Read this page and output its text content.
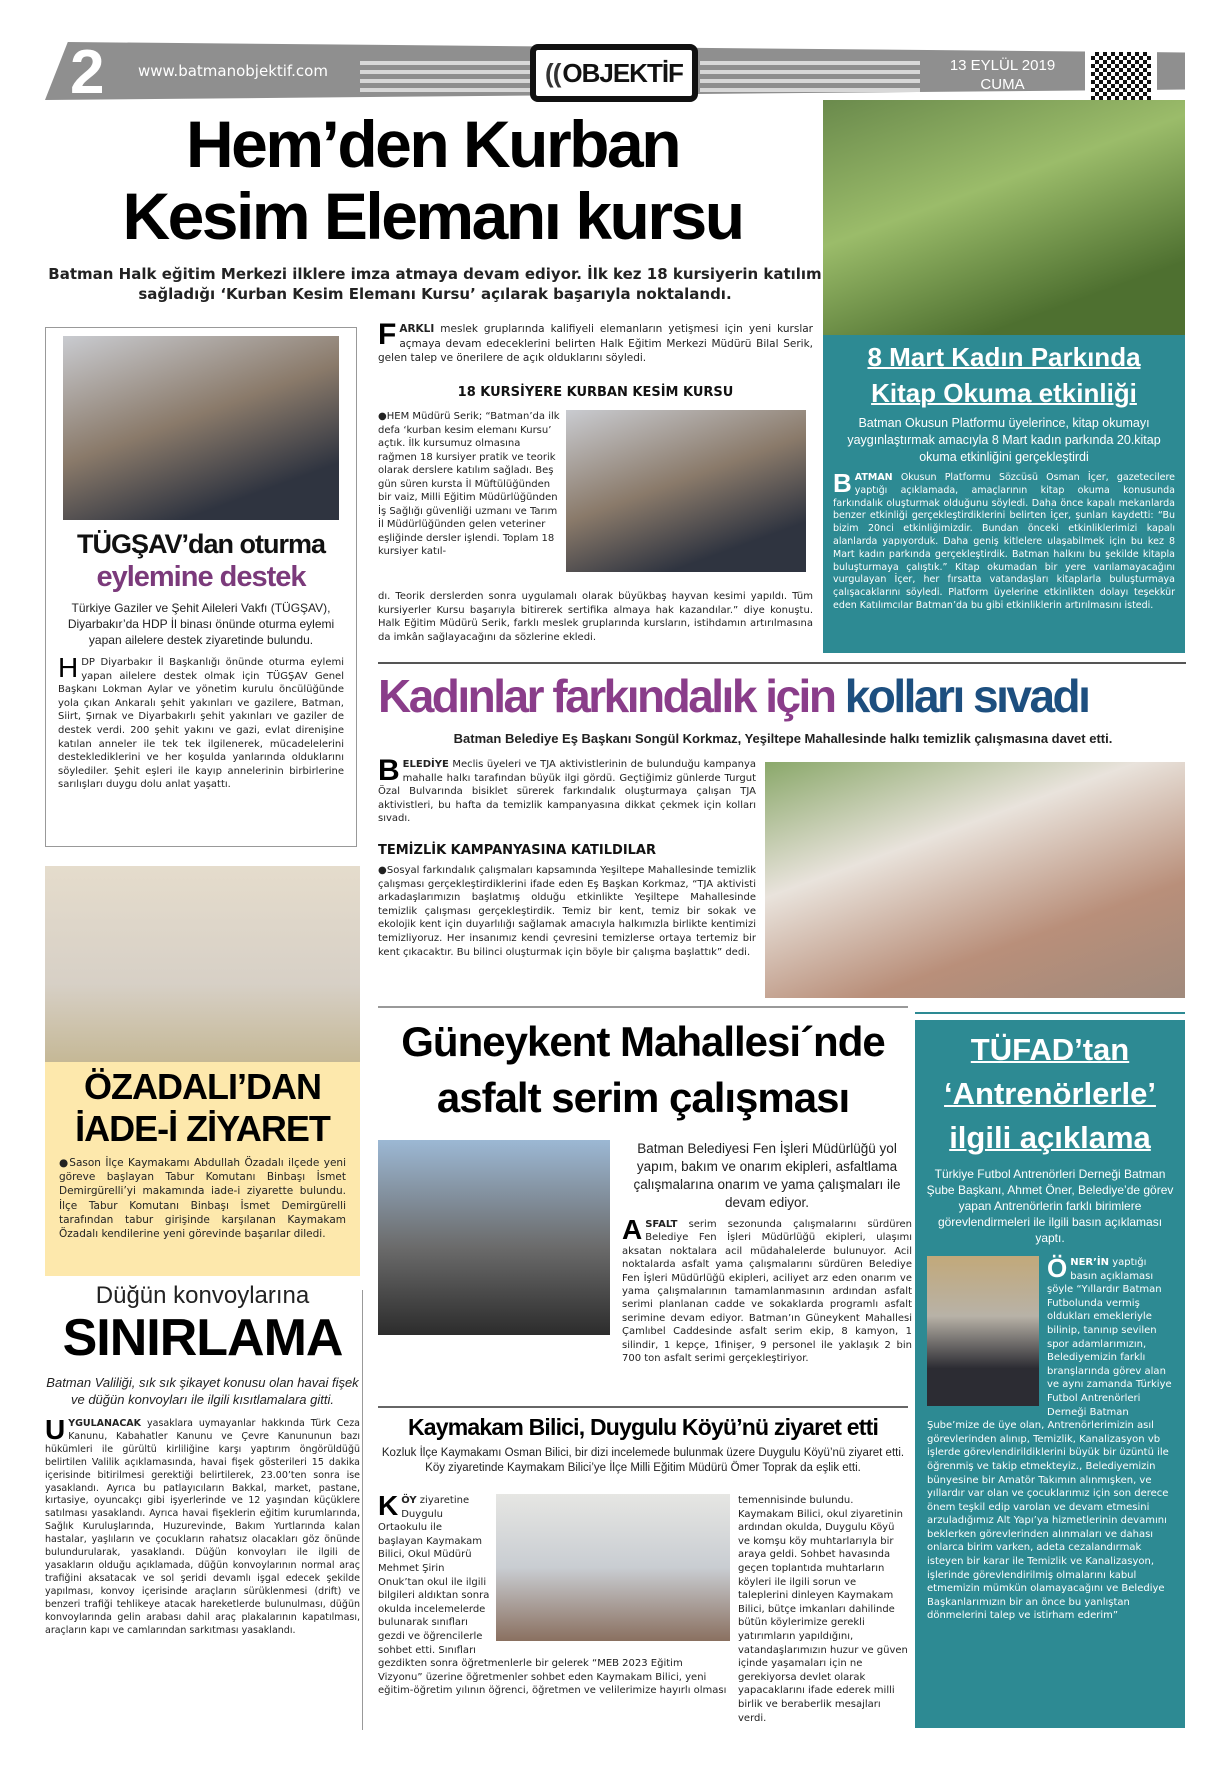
2 www.batmanobjektif.com	(( OBJEKTİF	13 EYLÜL 2019
CUMA
Hem’den Kurban
Kesim Elemanı kursu
Batman Halk eğitim Merkezi ilklere imza atmaya devam ediyor. İlk kez 18 kursiyerin katılım sağladığı ‘Kurban Kesim Elemanı Kursu’ açılarak başarıyla noktalandı.
FARKLI meslek gruplarında kalifiyeli elemanların yetişmesi için yeni kurslar açmaya devam edeceklerini belirten Halk Eğitim Merkezi Müdürü Bilal Serik, gelen talep ve önerilere de açık olduklarını söyledi.
18 KURSİYERE KURBAN KESİM KURSU
● HEM Müdürü Serik; “Batman’da ilk defa ‘kurban kesim elemanı Kursu’ açtık. İlk kursumuz olmasına rağmen 18 kursiyer pratik ve teorik olarak derslere katılım sağladı. Beş gün süren kursta İl Müftülüğünden bir vaiz, Milli Eğitim Müdürlüğünden İş Sağlığı güvenliği uzmanı ve Tarım İl Müdürlüğünden gelen veteriner eşliğinde dersler işlendi. Toplam 18 kursiyer katıl-
dı. Teorik derslerden sonra uygulamalı olarak büyükbaş hayvan kesimi yapıldı. Tüm kursiyerler Kursu başarıyla bitirerek sertifika almaya hak kazandılar.” diye konuştu. Halk Eğitim Müdürü Serik, farklı meslek gruplarında kursların, istihdamın artırılmasına da imkân sağlayacağını da sözlerine ekledi.
8 Mart Kadın Parkında
Kitap Okuma etkinliği
Batman Okusun Platformu üyelerince, kitap okumayı yaygınlaştırmak amacıyla 8 Mart kadın parkında 20.kitap okuma etkinliğini gerçekleştirdi
BATMAN Okusun Platformu Sözcüsü Osman İçer, gazetecilere yaptığı açıklamada, amaçlarının kitap okuma konusunda farkındalık oluşturmak olduğunu söyledi. Daha önce kapalı mekanlarda benzer etkinliği gerçekleştirdiklerini belirten İçer, şunları kaydetti: “Bu bizim 20nci etkinliğimizdir. Bundan önceki etkinliklerimizi kapalı alanlarda yapıyorduk. Daha geniş kitlelere ulaşabilmek için bu kez 8 Mart kadın parkında gerçekleştirdik. Batman halkını bu şekilde kitapla buluşturmaya çalıştık.” Kitap okumadan bir yere varılamayacağını vurgulayan İçer, her fırsatta vatandaşları kitaplarla buluşturmaya çalışacaklarını söyledi. Platform üyelerine etkinlikten dolayı teşekkür eden Katılımcılar Batman’da bu gibi etkinliklerin artırılmasını istedi.
TÜGŞAV’dan oturma
eylemine destek
Türkiye Gaziler ve Şehit Aileleri Vakfı (TÜGŞAV), Diyarbakır’da HDP İl binası önünde oturma eylemi yapan ailelere destek ziyaretinde bulundu.
HDP Diyarbakır İl Başkanlığı önünde oturma eylemi yapan ailelere destek olmak için TÜGŞAV Genel Başkanı Lokman Aylar ve yönetim kurulu öncülüğünde yola çıkan Ankaralı şehit yakınları ve gazilere, Batman, Siirt, Şırnak ve Diyarbakırlı şehit yakınları ve gaziler de destek verdi. 200 şehit yakını ve gazi, evlat direnişine katılan anneler ile tek tek ilgilenerek, mücadelelerini desteklediklerini ve her koşulda yanlarında olduklarını söylediler. Şehit eşleri ile kayıp annelerinin birbirlerine sarılışları duygu dolu anlat yaşattı.
Kadınlar farkındalık için kolları sıvadı
Batman Belediye Eş Başkanı Songül Korkmaz, Yeşiltepe Mahallesinde halkı temizlik çalışmasına davet etti.
BELEDİYE Meclis üyeleri ve TJA aktivistlerinin de bulunduğu kampanya mahalle halkı tarafından büyük ilgi gördü. Geçtiğimiz günlerde Turgut Özal Bulvarında bisiklet sürerek farkındalık oluşturmaya çalışan TJA aktivistleri, bu hafta da temizlik kampanyasına dikkat çekmek için kolları sıvadı.
TEMİZLİK KAMPANYASINA KATILDILAR
● Sosyal farkındalık çalışmaları kapsamında Yeşiltepe Mahallesinde temizlik çalışması gerçekleştirdiklerini ifade eden Eş Başkan Korkmaz, “TJA aktivisti arkadaşlarımızın başlatmış olduğu etkinlikte Yeşiltepe Mahallesinde temizlik çalışması gerçekleştirdik. Temiz bir kent, temiz bir sokak ve ekolojik kent için duyarlılığı sağlamak amacıyla halkımızla birlikte kentimizi temizliyoruz. Her insanımız kendi çevresini temizlerse ortaya tertemiz bir kent çıkacaktır. Bu bilinci oluşturmak için böyle bir çalışma başlattık” dedi.
ÖZADALI’DAN
İADE-İ ZİYARET
● Sason İlçe Kaymakamı Abdullah Özadalı ilçede yeni göreve başlayan Tabur Komutanı Binbaşı İsmet Demirgürelli’yi makamında iade-i ziyarette bulundu. İlçe Tabur Komutanı Binbaşı İsmet Demirgürelli tarafından tabur girişinde karşılanan Kaymakam Özadalı kendilerine yeni görevinde başarılar diledi.
Düğün konvoylarına
SINIRLAMA
Batman Valiliği, sık sık şikayet konusu olan havai fişek ve düğün konvoyları ile ilgili kısıtlamalara gitti.
UYGULANACAK yasaklara uymayanlar hakkında Türk Ceza Kanunu, Kabahatler Kanunu ve Çevre Kanununun bazı hükümleri ile gürültü kirliliğine karşı yaptırım öngörüldüğü belirtilen Valilik açıklamasında, havai fişek gösterileri 15 dakika içerisinde bitirilmesi gerektiği belirtilerek, 23.00’ten sonra ise yasaklandı. Ayrıca bu patlayıcıların Bakkal, market, pastane, kırtasiye, oyuncakçı gibi işyerlerinde ve 12 yaşından küçüklere satılması yasaklandı. Ayrıca havai fişeklerin eğitim kurumlarında, Sağlık Kuruluşlarında, Huzurevinde, Bakım Yurtlarında kalan hastalar, yaşlıların ve çocukların rahatsız olacakları göz önünde bulundurularak, yasaklandı. Düğün konvoyları ile ilgili de yasakların olduğu açıklamada, düğün konvoylarının normal araç trafiğini aksatacak ve sol şeridi devamlı işgal edecek şekilde yapılması, konvoy içerisinde araçların sürüklenmesi (drift) ve benzeri trafiği tehlikeye atacak hareketlerde bulunulması, düğün konvoylarında gelin arabası dahil araç plakalarının kapatılması, araçların kapı ve camlarından sarkıtması yasaklandı.
Güneykent Mahallesi´nde
asfalt serim çalışması
Batman Belediyesi Fen İşleri Müdürlüğü yol yapım, bakım ve onarım ekipleri, asfaltlama çalışmalarına onarım ve yama çalışmaları ile devam ediyor.
ASFALT serim sezonunda çalışmalarını sürdüren Belediye Fen İşleri Müdürlüğü ekipleri, ulaşımı aksatan noktalara acil müdahalelerde bulunuyor. Acil noktalarda asfalt yama çalışmalarını sürdüren Belediye Fen İşleri Müdürlüğü ekipleri, aciliyet arz eden onarım ve yama çalışmalarının tamamlanmasının ardından asfalt serimi planlanan cadde ve sokaklarda programlı asfalt serimine devam ediyor. Batman’ın Güneykent Mahallesi Çamlıbel Caddesinde asfalt serim ekip, 8 kamyon, 1 silindir, 1 kepçe, 1finişer, 9 personel ile yaklaşık 2 bin 700 ton asfalt serimi gerçekleştiriyor.
TÜFAD’tan
‘Antrenörlerle’
ilgili açıklama
Türkiye Futbol Antrenörleri Derneği Batman Şube Başkanı, Ahmet Öner, Belediye’de görev yapan Antrenörlerin farklı birimlere görevlendirmeleri ile ilgili basın açıklaması yaptı.
ÖNER’İN yaptığı basın açıklaması şöyle “Yıllardır Batman Futbolunda vermiş oldukları emekleriyle bilinip, tanınıp sevilen spor adamlarımızın, Belediyemizin farklı branşlarında görev alan ve aynı zamanda Türkiye Futbol Antrenörleri Derneği Batman Şube’mize de üye olan, Antrenörlerimizin asıl görevlerinden alınıp, Temizlik, Kanalizasyon vb işlerde görevlendirildiklerini büyük bir üzüntü ile öğrenmiş ve takip etmekteyiz., Belediyemizin bünyesine bir Amatör Takımın alınmışken, ve yıllardır var olan ve çocuklarımız için son derece önem teşkil edip varolan ve devam etmesini arzuladığımız Alt Yapı’ya hizmetlerinin devamını beklerken görevlerinden alınmaları ve dahası onlarca birim varken, adeta cezalandırmak isteyen bir karar ile Temizlik ve Kanalizasyon, işlerinde görevlendirilmiş olmalarını kabul etmemizin mümkün olamayacağını ve Belediye Başkanlarımızın bir an önce bu yanlıştan dönmelerini talep ve istirham ederim”
Kaymakam Bilici, Duygulu Köyü’nü ziyaret etti
Kozluk İlçe Kaymakamı Osman Bilici, bir dizi incelemede bulunmak üzere Duygulu Köyü’nü ziyaret etti. Köy ziyaretinde Kaymakam Bilici’ye İlçe Milli Eğitim Müdürü Ömer Toprak da eşlik etti.
KÖY ziyaretine Duygulu Ortaokulu ile başlayan Kaymakam Bilici, Okul Müdürü Mehmet Şirin Onuk’tan okul ile ilgili bilgileri aldıktan sonra okulda incelemelerde bulunarak sınıfları gezdi ve öğrencilerle sohbet etti. Sınıfları gezdikten sonra öğretmenlerle bir gelerek “MEB 2023 Eğitim Vizyonu” üzerine öğretmenler sohbet eden Kaymakam Bilici, yeni eğitim-öğretim yılının öğrenci, öğretmen ve velilerimize hayırlı olması
temennisinde bulundu. Kaymakam Bilici, okul ziyaretinin ardından okulda, Duygulu Köyü ve komşu köy muhtarlarıyla bir araya geldi. Sohbet havasında geçen toplantıda muhtarların köyleri ile ilgili sorun ve taleplerini dinleyen Kaymakam Bilici, bütçe imkanları dahilinde bütün köylerimize gerekli yatırımların yapıldığını, vatandaşlarımızın huzur ve güven içinde yaşamaları için ne gerekiyorsa devlet olarak yapacaklarını ifade ederek milli birlik ve beraberlik mesajları verdi.
